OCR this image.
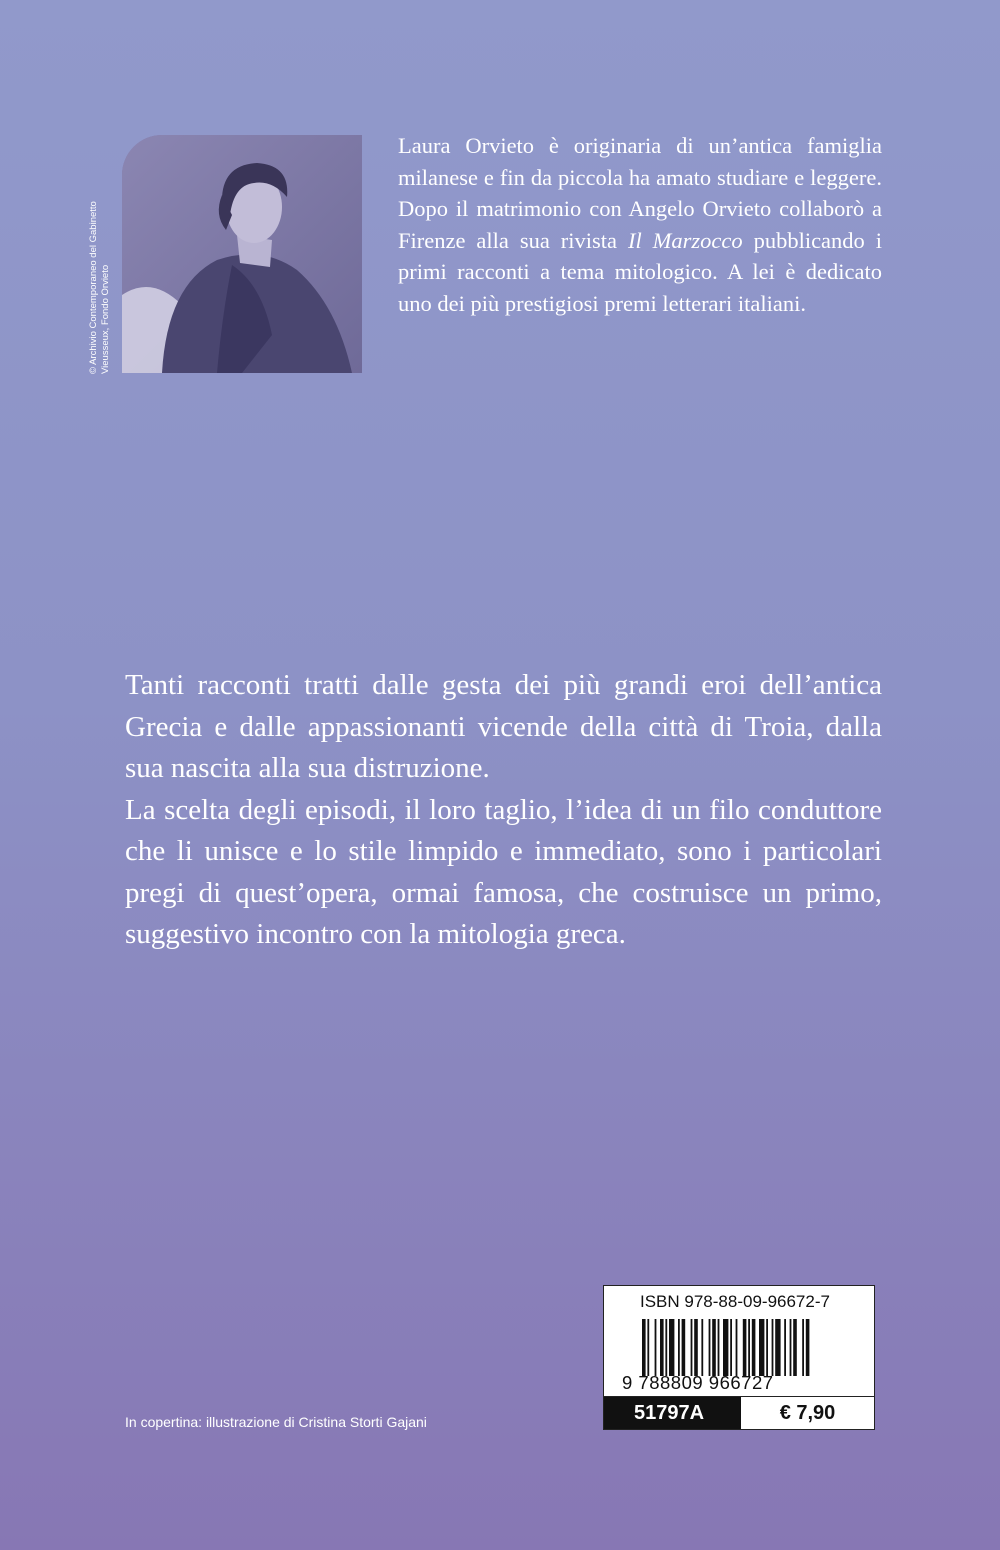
© Archivio Contemporaneo del Gabinetto Vieusseux, Fondo Orvieto
Laura Orvieto è originaria di un’antica famiglia milanese e fin da piccola ha amato studiare e leggere. Dopo il matrimonio con Angelo Orvieto collaborò a Firenze alla sua rivista Il Marzocco pubblicando i primi racconti a tema mitologico. A lei è dedicato uno dei più prestigiosi premi letterari italiani.

Tanti racconti tratti dalle gesta dei più grandi eroi dell’antica Grecia e dalle appassionanti vicende della città di Troia, dalla sua nascita alla sua distruzione.

La scelta degli episodi, il loro taglio, l’idea di un filo conduttore che li unisce e lo stile limpido e immediato, sono i particolari pregi di quest’opera, ormai famosa, che costruisce un primo, suggestivo incontro con la mitologia greca.

In copertina: illustrazione di Cristina Storti Gajani
ISBN 978-88-09-96672-7
9 788809 966727
51797A	€ 7,90
